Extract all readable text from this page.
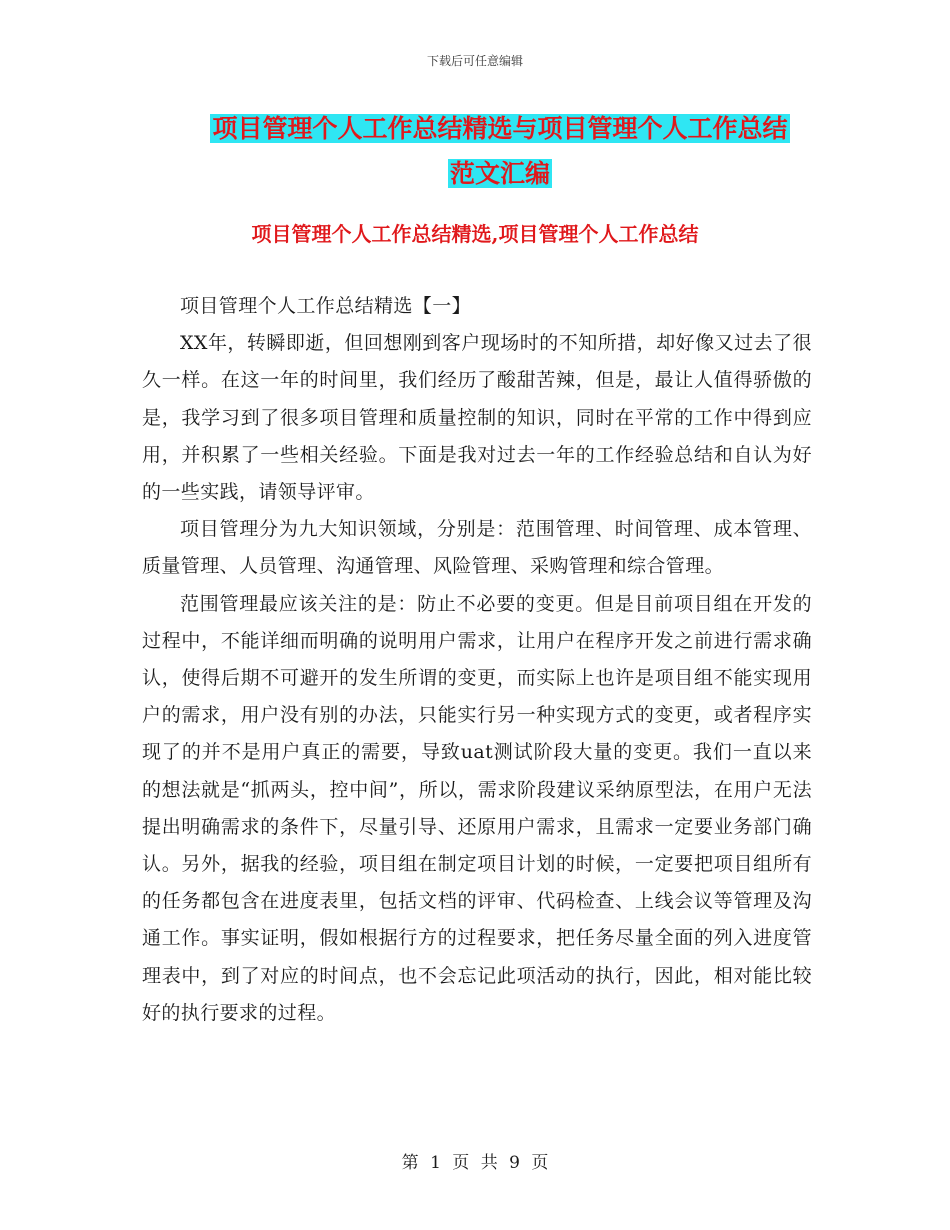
下载后可任意编辑
项目管理个人工作总结精选与项目管理个人工作总结
范文汇编
项目管理个人工作总结精选,项目管理个人工作总结

项目管理个人工作总结精选【一】

XX年，转瞬即逝，但回想刚到客户现场时的不知所措，却好像又过去了很久一样。在这一年的时间里，我们经历了酸甜苦辣，但是，最让人值得骄傲的是，我学习到了很多项目管理和质量控制的知识，同时在平常的工作中得到应用，并积累了一些相关经验。下面是我对过去一年的工作经验总结和自认为好的一些实践，请领导评审。

项目管理分为九大知识领域，分别是：范围管理、时间管理、成本管理、质量管理、人员管理、沟通管理、风险管理、采购管理和综合管理。

范围管理最应该关注的是：防止不必要的变更。但是目前项目组在开发的过程中，不能详细而明确的说明用户需求，让用户在程序开发之前进行需求确认，使得后期不可避开的发生所谓的变更，而实际上也许是项目组不能实现用户的需求，用户没有别的办法，只能实行另一种实现方式的变更，或者程序实现了的并不是用户真正的需要，导致uat测试阶段大量的变更。我们一直以来的想法就是“抓两头，控中间”，所以，需求阶段建议采纳原型法，在用户无法提出明确需求的条件下，尽量引导、还原用户需求，且需求一定要业务部门确认。另外，据我的经验，项目组在制定项目计划的时候，一定要把项目组所有的任务都包含在进度表里，包括文档的评审、代码检查、上线会议等管理及沟通工作。事实证明，假如根据行方的过程要求，把任务尽量全面的列入进度管理表中，到了对应的时间点，也不会忘记此项活动的执行，因此，相对能比较好的执行要求的过程。

第 1 页 共 9 页
